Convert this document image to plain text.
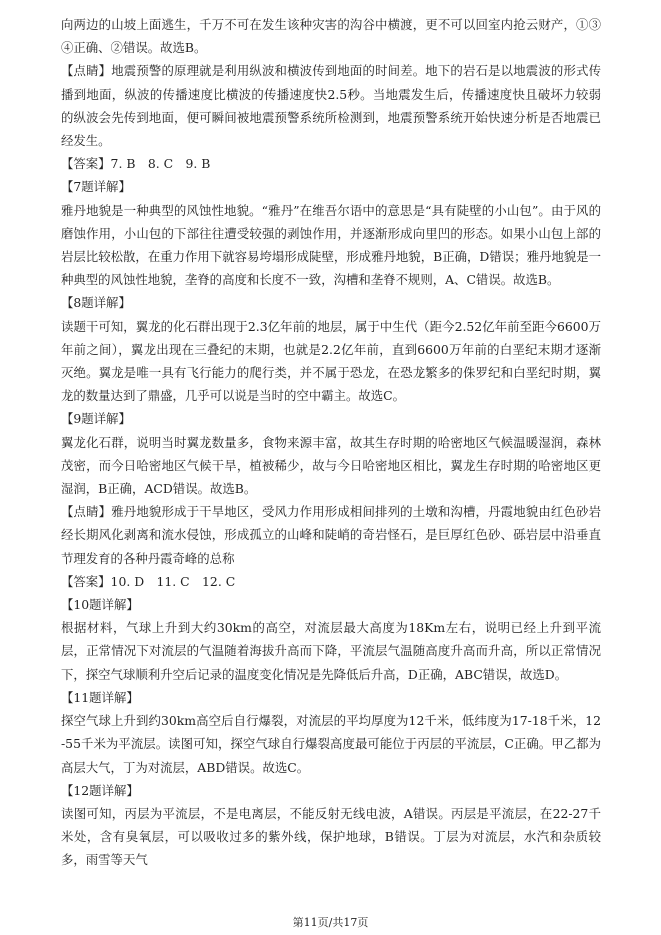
向两边的山坡上面逃生，千万不可在发生该种灾害的沟谷中横渡，更不可以回室内抢云财产，①③④正确、②错误。故选B。

【点睛】地震预警的原理就是利用纵波和横波传到地面的时间差。地下的岩石是以地震波的形式传播到地面，纵波的传播速度比横波的传播速度快2.5秒。当地震发生后，传播速度快且破坏力较弱的纵波会先传到地面，便可瞬间被地震预警系统所检测到，地震预警系统开始快速分析是否地震已经发生。

【答案】7. B　8. C　9. B

【7题详解】

雅丹地貌是一种典型的风蚀性地貌。“雅丹”在维吾尔语中的意思是“具有陡壁的小山包”。由于风的磨蚀作用，小山包的下部往往遭受较强的剥蚀作用，并逐渐形成向里凹的形态。如果小山包上部的岩层比较松散，在重力作用下就容易垮塌形成陡壁，形成雅丹地貌，B正确，D错误；雅丹地貌是一种典型的风蚀性地貌，垄脊的高度和长度不一致，沟槽和垄脊不规则，A、C错误。故选B。

【8题详解】

读题干可知，翼龙的化石群出现于2.3亿年前的地层，属于中生代（距今2.52亿年前至距今6600万年前之间），翼龙出现在三叠纪的末期，也就是2.2亿年前，直到6600万年前的白垩纪末期才逐渐灭绝。翼龙是唯一具有飞行能力的爬行类，并不属于恐龙，在恐龙繁多的侏罗纪和白垩纪时期，翼龙的数量达到了鼎盛，几乎可以说是当时的空中霸主。故选C。

【9题详解】

翼龙化石群，说明当时翼龙数量多，食物来源丰富，故其生存时期的哈密地区气候温暖湿润，森林茂密，而今日哈密地区气候干旱，植被稀少，故与今日哈密地区相比，翼龙生存时期的哈密地区更湿润，B正确，ACD错误。故选B。

【点睛】雅丹地貌形成于干旱地区，受风力作用形成相间排列的土墩和沟槽，丹霞地貌由红色砂岩经长期风化剥离和流水侵蚀，形成孤立的山峰和陡峭的奇岩怪石，是巨厚红色砂、砾岩层中沿垂直节理发育的各种丹霞奇峰的总称

【答案】10. D　11. C　12. C

【10题详解】

根据材料，气球上升到大约30km的高空，对流层最大高度为18Km左右，说明已经上升到平流层，正常情况下对流层的气温随着海拔升高而下降，平流层气温随高度升高而升高，所以正常情况下，探空气球顺利升空后记录的温度变化情况是先降低后升高，D正确，ABC错误，故选D。

【11题详解】

探空气球上升到约30km高空后自行爆裂，对流层的平均厚度为12千米，低纬度为17-18千米，12-55千米为平流层。读图可知，探空气球自行爆裂高度最可能位于丙层的平流层，C正确。甲乙都为高层大气，丁为对流层，ABD错误。故选C。

【12题详解】

读图可知，丙层为平流层，不是电离层，不能反射无线电波，A错误。丙层是平流层，在22-27千米处，含有臭氧层，可以吸收过多的紫外线，保护地球，B错误。丁层为对流层，水汽和杂质较多，雨雪等天气

第11页/共17页
